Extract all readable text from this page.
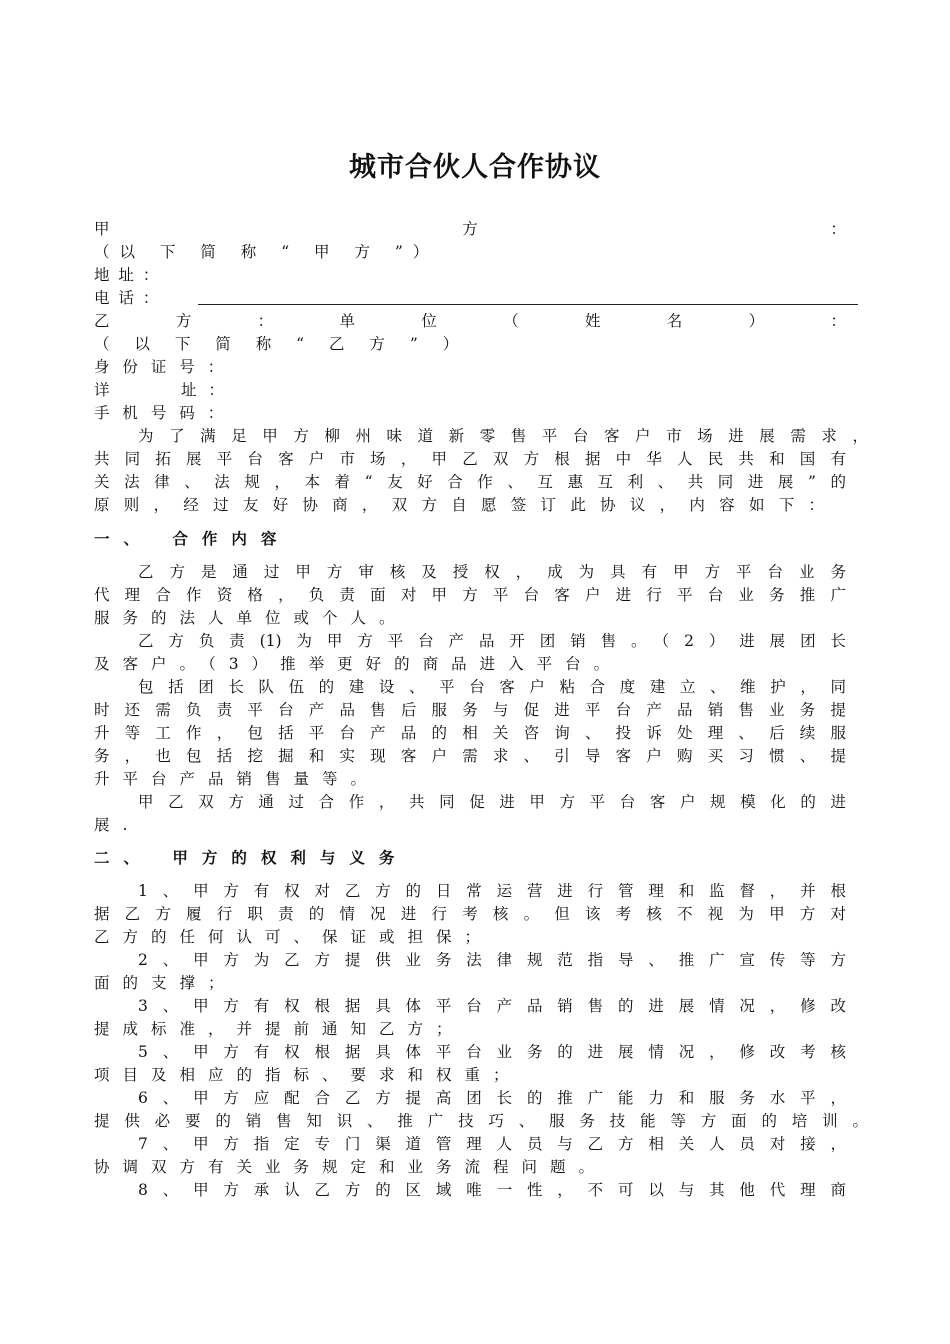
城市合伙人合作协议
甲	方	：
（以 下 简 称 “ 甲 方 ”）
地 址 ：
电 话 ：
乙	方	：	单	位	（	姓	名	）	：
（ 以 下 简 称 “ 乙 方 ” ）
身 份 证 号 ：
详	址 ：
手 机 号 码 ：
为了满足甲方柳州味道新零售平台客户市场进展需求，
共同拓展平台客户市场，甲乙双方根据中华人民共和国有
关法律、法规，本着“友好合作、互惠互利、共同进展”的
原则，经过友好协商，双方自愿签订此协议，内容如下：
一、 合作内容
乙方是通过甲方审核及授权，成为具有甲方平台业务
代理合作资格，负责面对甲方平台客户进行平台业务推广
服务的法人单位或个人。
乙方负责(1)为甲方平台产品开团销售。（2）进展团长
及客户。（3）推举更好的商品进入平台。
包括团长队伍的建设、平台客户粘合度建立、维护，同
时还需负责平台产品售后服务与促进平台产品销售业务提
升等工作，包括平台产品的相关咨询、投诉处理、后续服
务，也包括挖掘和实现客户需求、引导客户购买习惯、提
升平台产品销售量等。
甲乙双方通过合作，共同促进甲方平台客户规模化的进
展.
二、 甲方的权利与义务
1、甲方有权对乙方的日常运营进行管理和监督，并根
据乙方履行职责的情况进行考核。但该考核不视为甲方对
乙方的任何认可、保证或担保；
2、甲方为乙方提供业务法律规范指导、推广宣传等方
面的支撑；
3、甲方有权根据具体平台产品销售的进展情况，修改
提成标准，并提前通知乙方；
5、甲方有权根据具体平台业务的进展情况，修改考核
项目及相应的指标、要求和权重；
6、甲方应配合乙方提高团长的推广能力和服务水平，
提供必要的销售知识、推广技巧、服务技能等方面的培训。
7、甲方指定专门渠道管理人员与乙方相关人员对接，
协调双方有关业务规定和业务流程问题。
8、甲方承认乙方的区域唯一性，不可以与其他代理商
